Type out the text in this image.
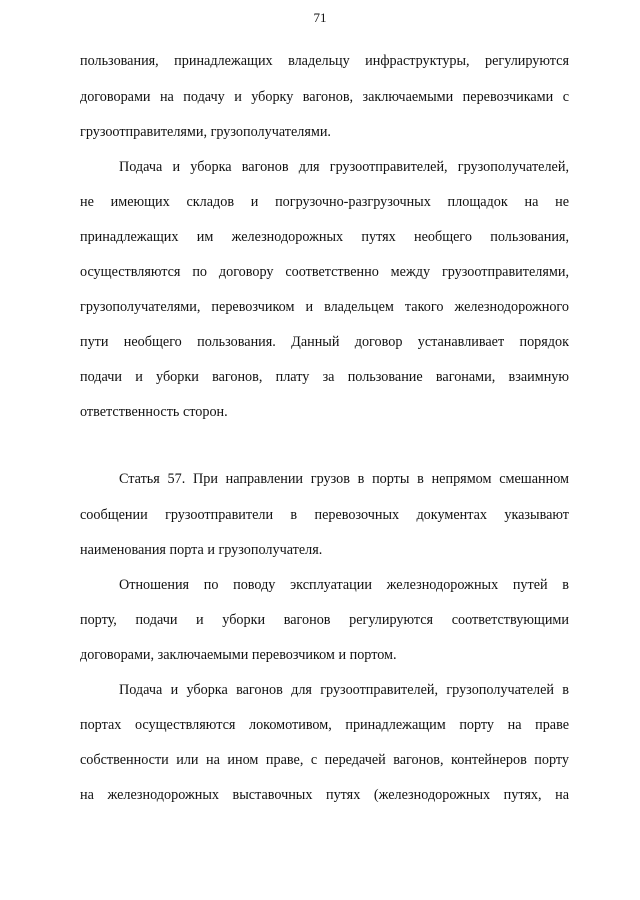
71
пользования, принадлежащих владельцу инфраструктуры, регулируются
договорами на подачу и уборку вагонов, заключаемыми перевозчиками с
грузоотправителями, грузополучателями.
Подача и уборка вагонов для грузоотправителей, грузополучателей,
не имеющих складов и погрузочно-разгрузочных площадок на не
принадлежащих им железнодорожных путях необщего пользования,
осуществляются по договору соответственно между грузоотправителями,
грузополучателями, перевозчиком и владельцем такого железнодорожного
пути необщего пользования. Данный договор устанавливает порядок
подачи и уборки вагонов, плату за пользование вагонами, взаимную
ответственность сторон.
Статья 57. При направлении грузов в порты в непрямом смешанном
сообщении грузоотправители в перевозочных документах указывают
наименования порта и грузополучателя.
Отношения по поводу эксплуатации железнодорожных путей в
порту, подачи и уборки вагонов регулируются соответствующими
договорами, заключаемыми перевозчиком и портом.
Подача и уборка вагонов для грузоотправителей, грузополучателей в
портах осуществляются локомотивом, принадлежащим порту на праве
собственности или на ином праве, с передачей вагонов, контейнеров порту
на железнодорожных выставочных путях (железнодорожных путях, на
